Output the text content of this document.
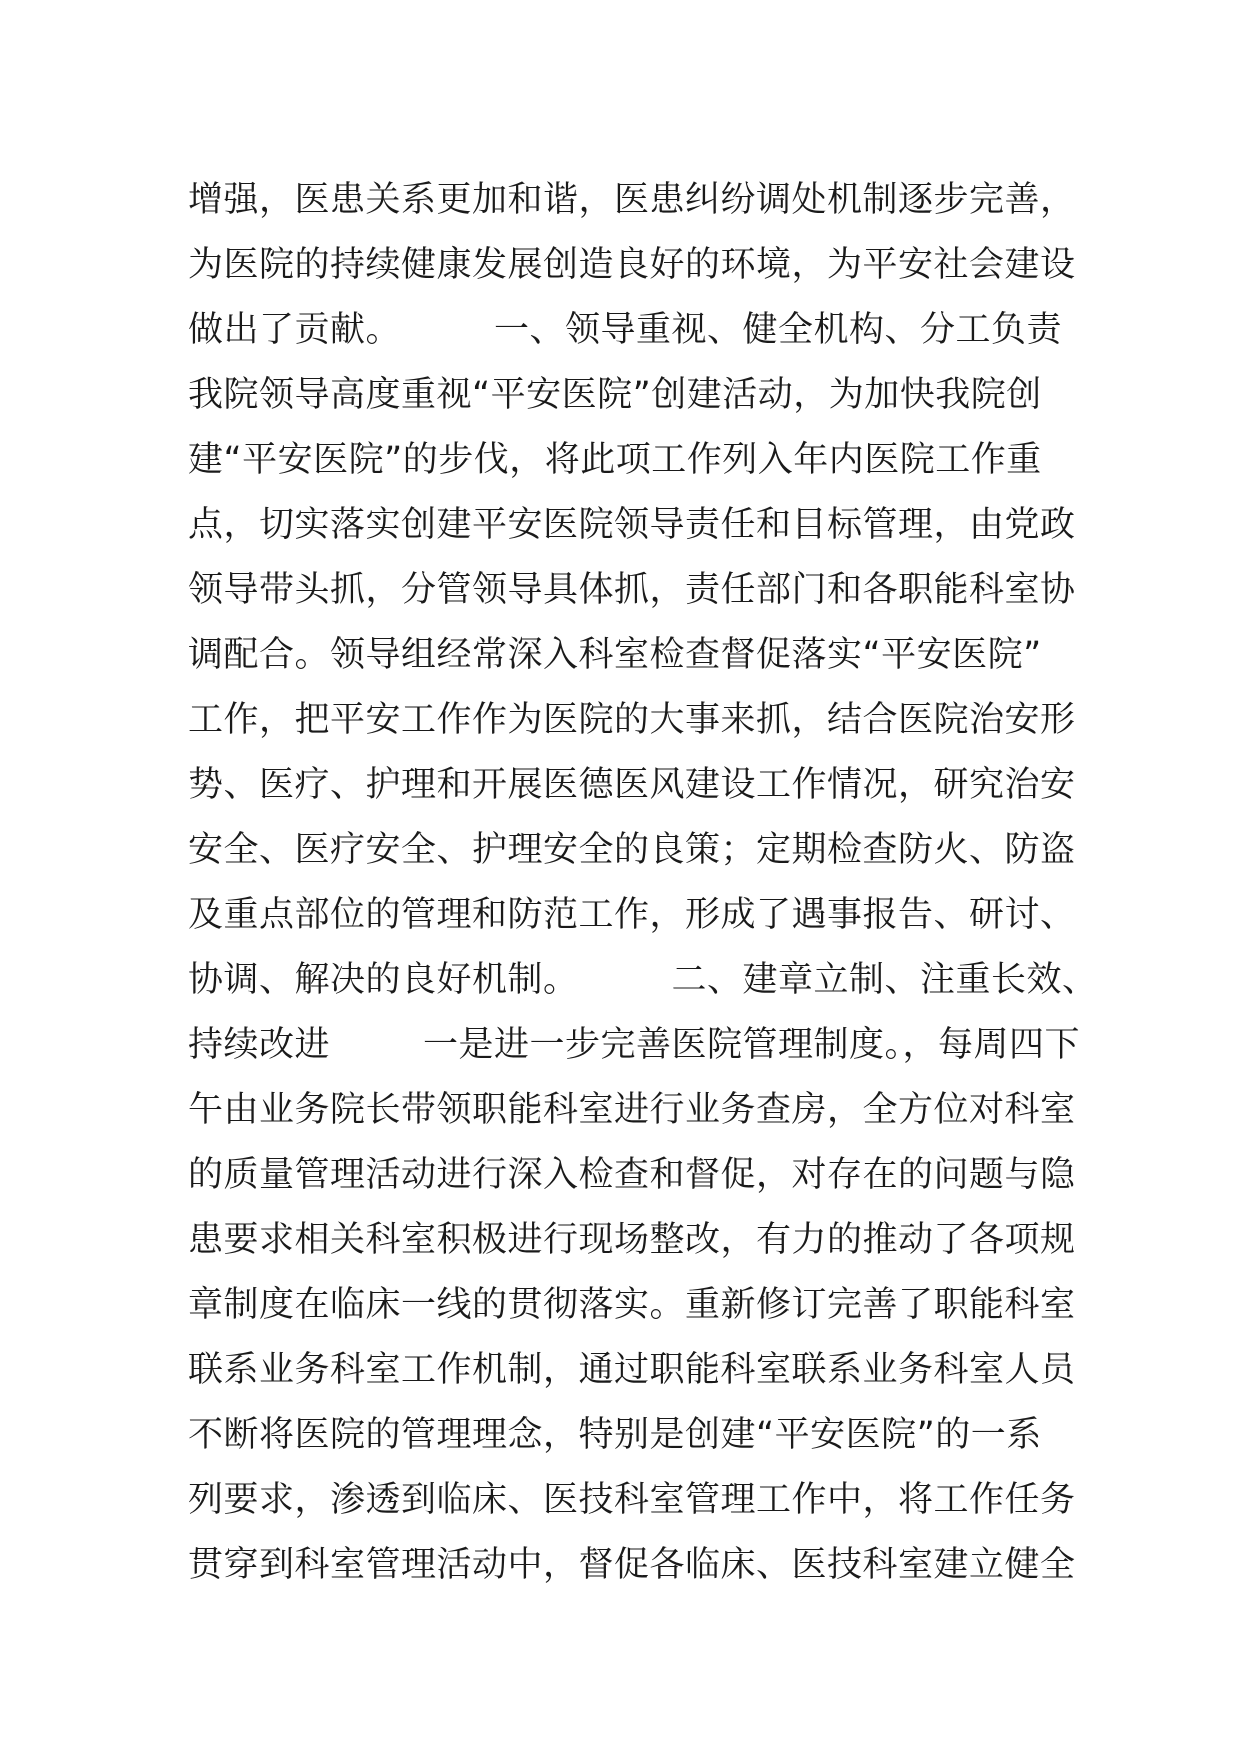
增强，医患关系更加和谐，医患纠纷调处机制逐步完善，
为医院的持续健康发展创造良好的环境，为平安社会建设
做出了贡献。        一、领导重视、健全机构、分工负责
我院领导高度重视“平安医院”创建活动，为加快我院创
建“平安医院”的步伐，将此项工作列入年内医院工作重
点，切实落实创建平安医院领导责任和目标管理，由党政
领导带头抓，分管领导具体抓，责任部门和各职能科室协
调配合。领导组经常深入科室检查督促落实“平安医院”
工作，把平安工作作为医院的大事来抓，结合医院治安形
势、医疗、护理和开展医德医风建设工作情况，研究治安
安全、医疗安全、护理安全的良策；定期检查防火、防盗
及重点部位的管理和防范工作，形成了遇事报告、研讨、
协调、解决的良好机制。        二、建章立制、注重长效、
持续改进        一是进一步完善医院管理制度。，每周四下
午由业务院长带领职能科室进行业务查房，全方位对科室
的质量管理活动进行深入检查和督促，对存在的问题与隐
患要求相关科室积极进行现场整改，有力的推动了各项规
章制度在临床一线的贯彻落实。重新修订完善了职能科室
联系业务科室工作机制，通过职能科室联系业务科室人员
不断将医院的管理理念，特别是创建“平安医院”的一系
列要求，渗透到临床、医技科室管理工作中，将工作任务
贯穿到科室管理活动中，督促各临床、医技科室建立健全
